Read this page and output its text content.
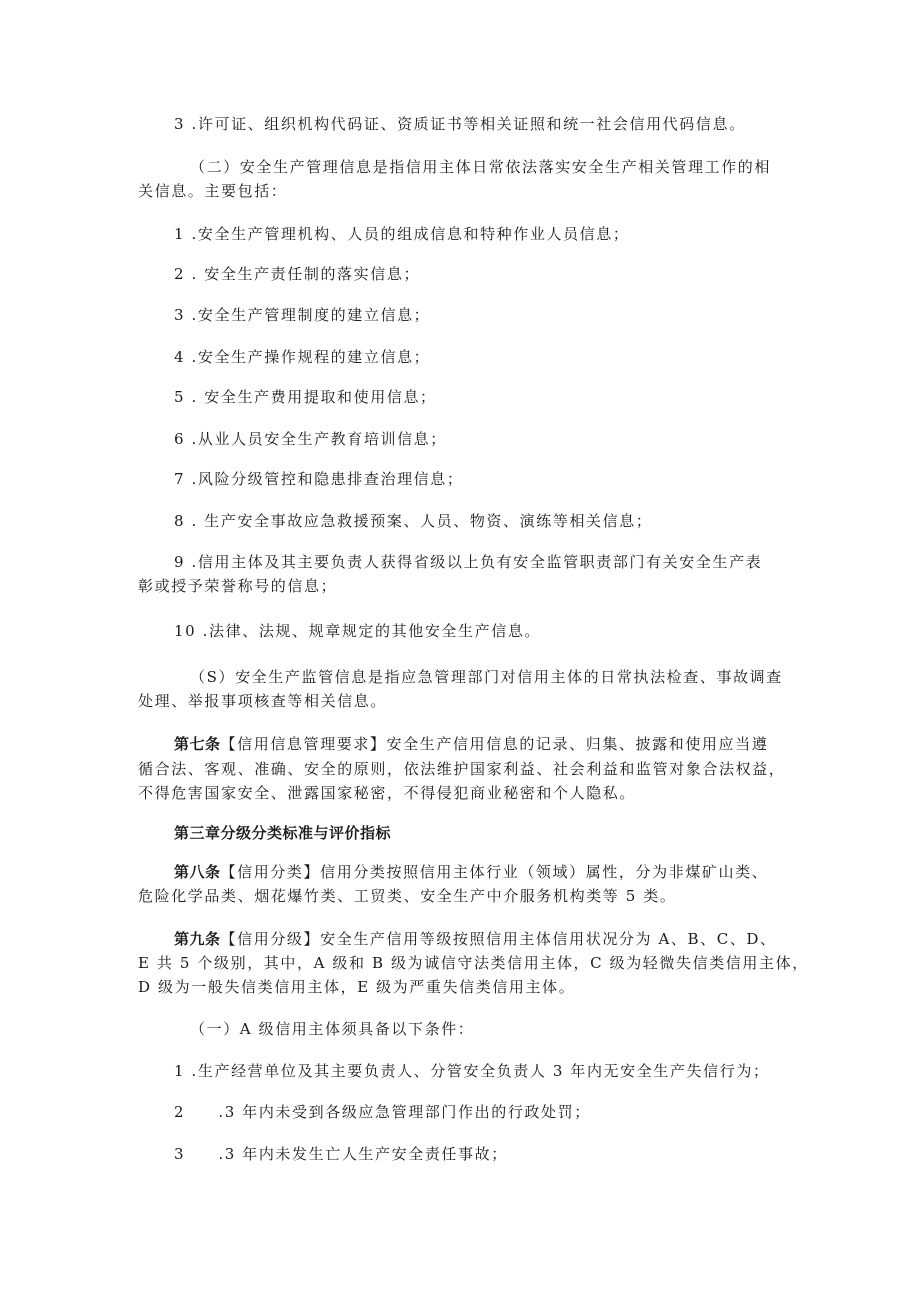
3 .许可证、组织机构代码证、资质证书等相关证照和统一社会信用代码信息。
（二）安全生产管理信息是指信用主体日常依法落实安全生产相关管理工作的相
关信息。主要包括：
1 .安全生产管理机构、人员的组成信息和特种作业人员信息；
2 . 安全生产责任制的落实信息；
3 .安全生产管理制度的建立信息；
4 .安全生产操作规程的建立信息；
5 . 安全生产费用提取和使用信息；
6 .从业人员安全生产教育培训信息；
7 .风险分级管控和隐患排查治理信息；
8 . 生产安全事故应急救援预案、人员、物资、演练等相关信息；
9 .信用主体及其主要负责人获得省级以上负有安全监管职责部门有关安全生产表
彰或授予荣誉称号的信息；
10 .法律、法规、规章规定的其他安全生产信息。
（S）安全生产监管信息是指应急管理部门对信用主体的日常执法检查、事故调查
处理、举报事项核查等相关信息。
第七条【信用信息管理要求】安全生产信用信息的记录、归集、披露和使用应当遵
循合法、客观、准确、安全的原则，依法维护国家利益、社会利益和监管对象合法权益，
不得危害国家安全、泄露国家秘密，不得侵犯商业秘密和个人隐私。
第三章分级分类标准与评价指标
第八条【信用分类】信用分类按照信用主体行业（领域）属性，分为非煤矿山类、
危险化学品类、烟花爆竹类、工贸类、安全生产中介服务机构类等 5 类。
第九条【信用分级】安全生产信用等级按照信用主体信用状况分为 A、B、C、D、
E 共 5 个级别，其中，A 级和 B 级为诚信守法类信用主体，C 级为轻微失信类信用主体，
D 级为一般失信类信用主体，E 级为严重失信类信用主体。
（一）A 级信用主体须具备以下条件：
1 .生产经营单位及其主要负责人、分管安全负责人 3 年内无安全生产失信行为；
2　　.3 年内未受到各级应急管理部门作出的行政处罚；
3　　.3 年内未发生亡人生产安全责任事故；
